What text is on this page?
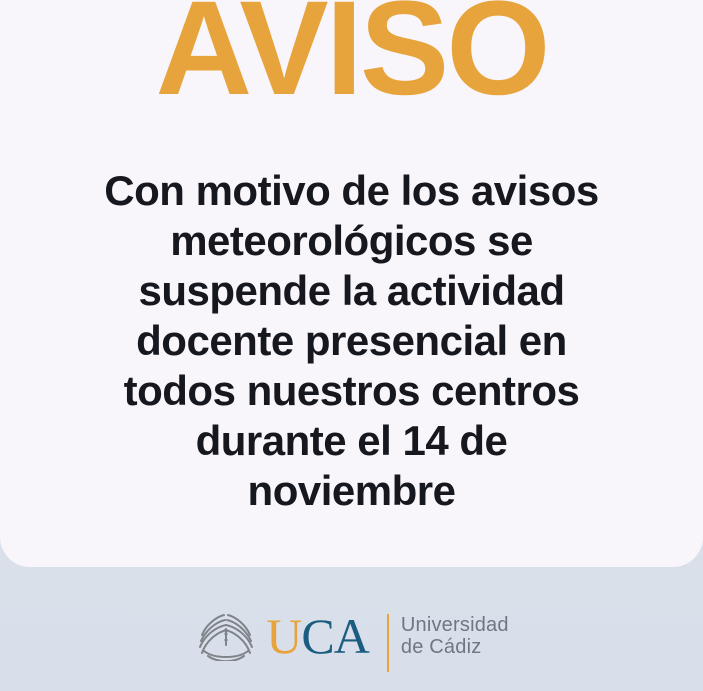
AVISO
Con motivo de los avisos
meteorológicos se
suspende la actividad
docente presencial en
todos nuestros centros
durante el 14 de
noviembre
UCA Universidad
de Cádiz
